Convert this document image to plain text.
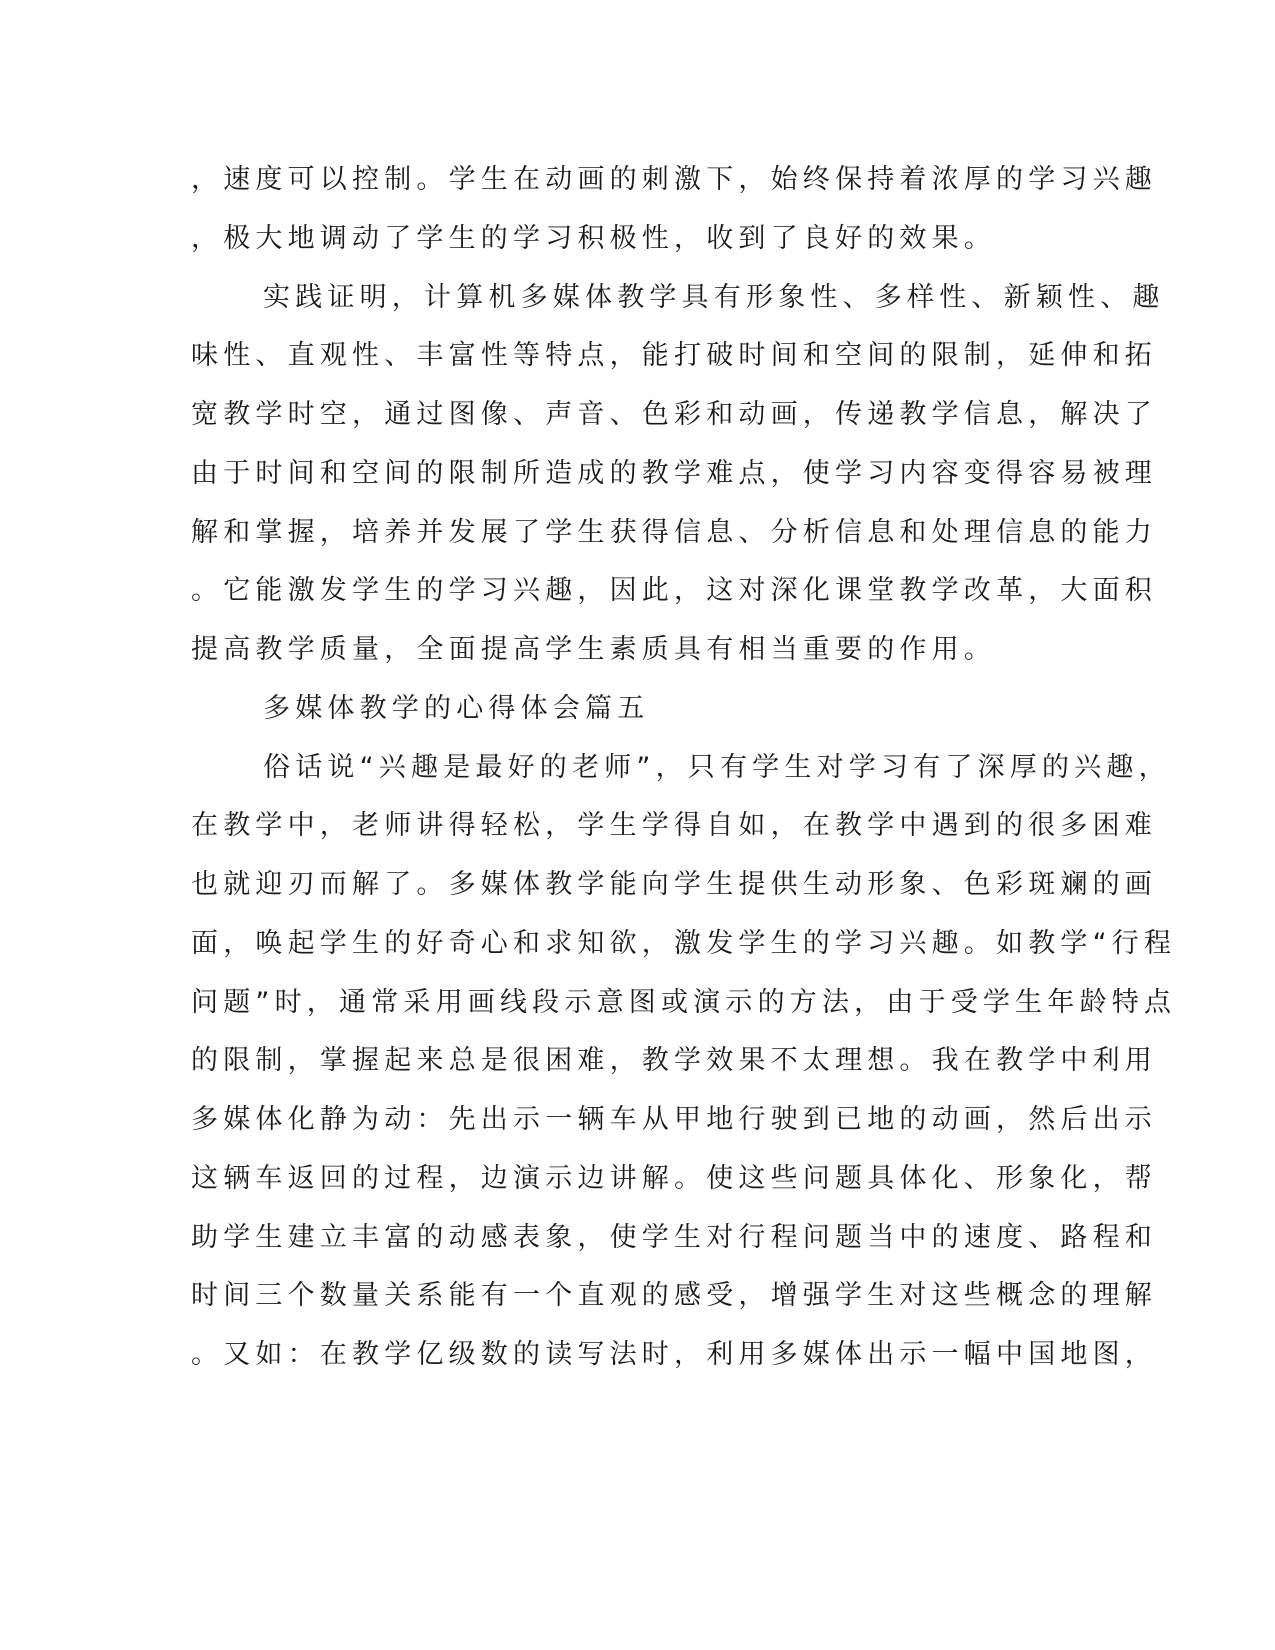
，速度可以控制。学生在动画的刺激下，始终保持着浓厚的学习兴趣
，极大地调动了学生的学习积极性，收到了良好的效果。
实践证明，计算机多媒体教学具有形象性、多样性、新颖性、趣
味性、直观性、丰富性等特点，能打破时间和空间的限制，延伸和拓
宽教学时空，通过图像、声音、色彩和动画，传递教学信息，解决了
由于时间和空间的限制所造成的教学难点，使学习内容变得容易被理
解和掌握，培养并发展了学生获得信息、分析信息和处理信息的能力
。它能激发学生的学习兴趣，因此，这对深化课堂教学改革，大面积
提高教学质量，全面提高学生素质具有相当重要的作用。
多媒体教学的心得体会篇五
俗话说“兴趣是最好的老师”，只有学生对学习有了深厚的兴趣，
在教学中，老师讲得轻松，学生学得自如，在教学中遇到的很多困难
也就迎刃而解了。多媒体教学能向学生提供生动形象、色彩斑斓的画
面，唤起学生的好奇心和求知欲，激发学生的学习兴趣。如教学“行程
问题”时，通常采用画线段示意图或演示的方法，由于受学生年龄特点
的限制，掌握起来总是很困难，教学效果不太理想。我在教学中利用
多媒体化静为动：先出示一辆车从甲地行驶到已地的动画，然后出示
这辆车返回的过程，边演示边讲解。使这些问题具体化、形象化，帮
助学生建立丰富的动感表象，使学生对行程问题当中的速度、路程和
时间三个数量关系能有一个直观的感受，增强学生对这些概念的理解
。又如：在教学亿级数的读写法时，利用多媒体出示一幅中国地图，
